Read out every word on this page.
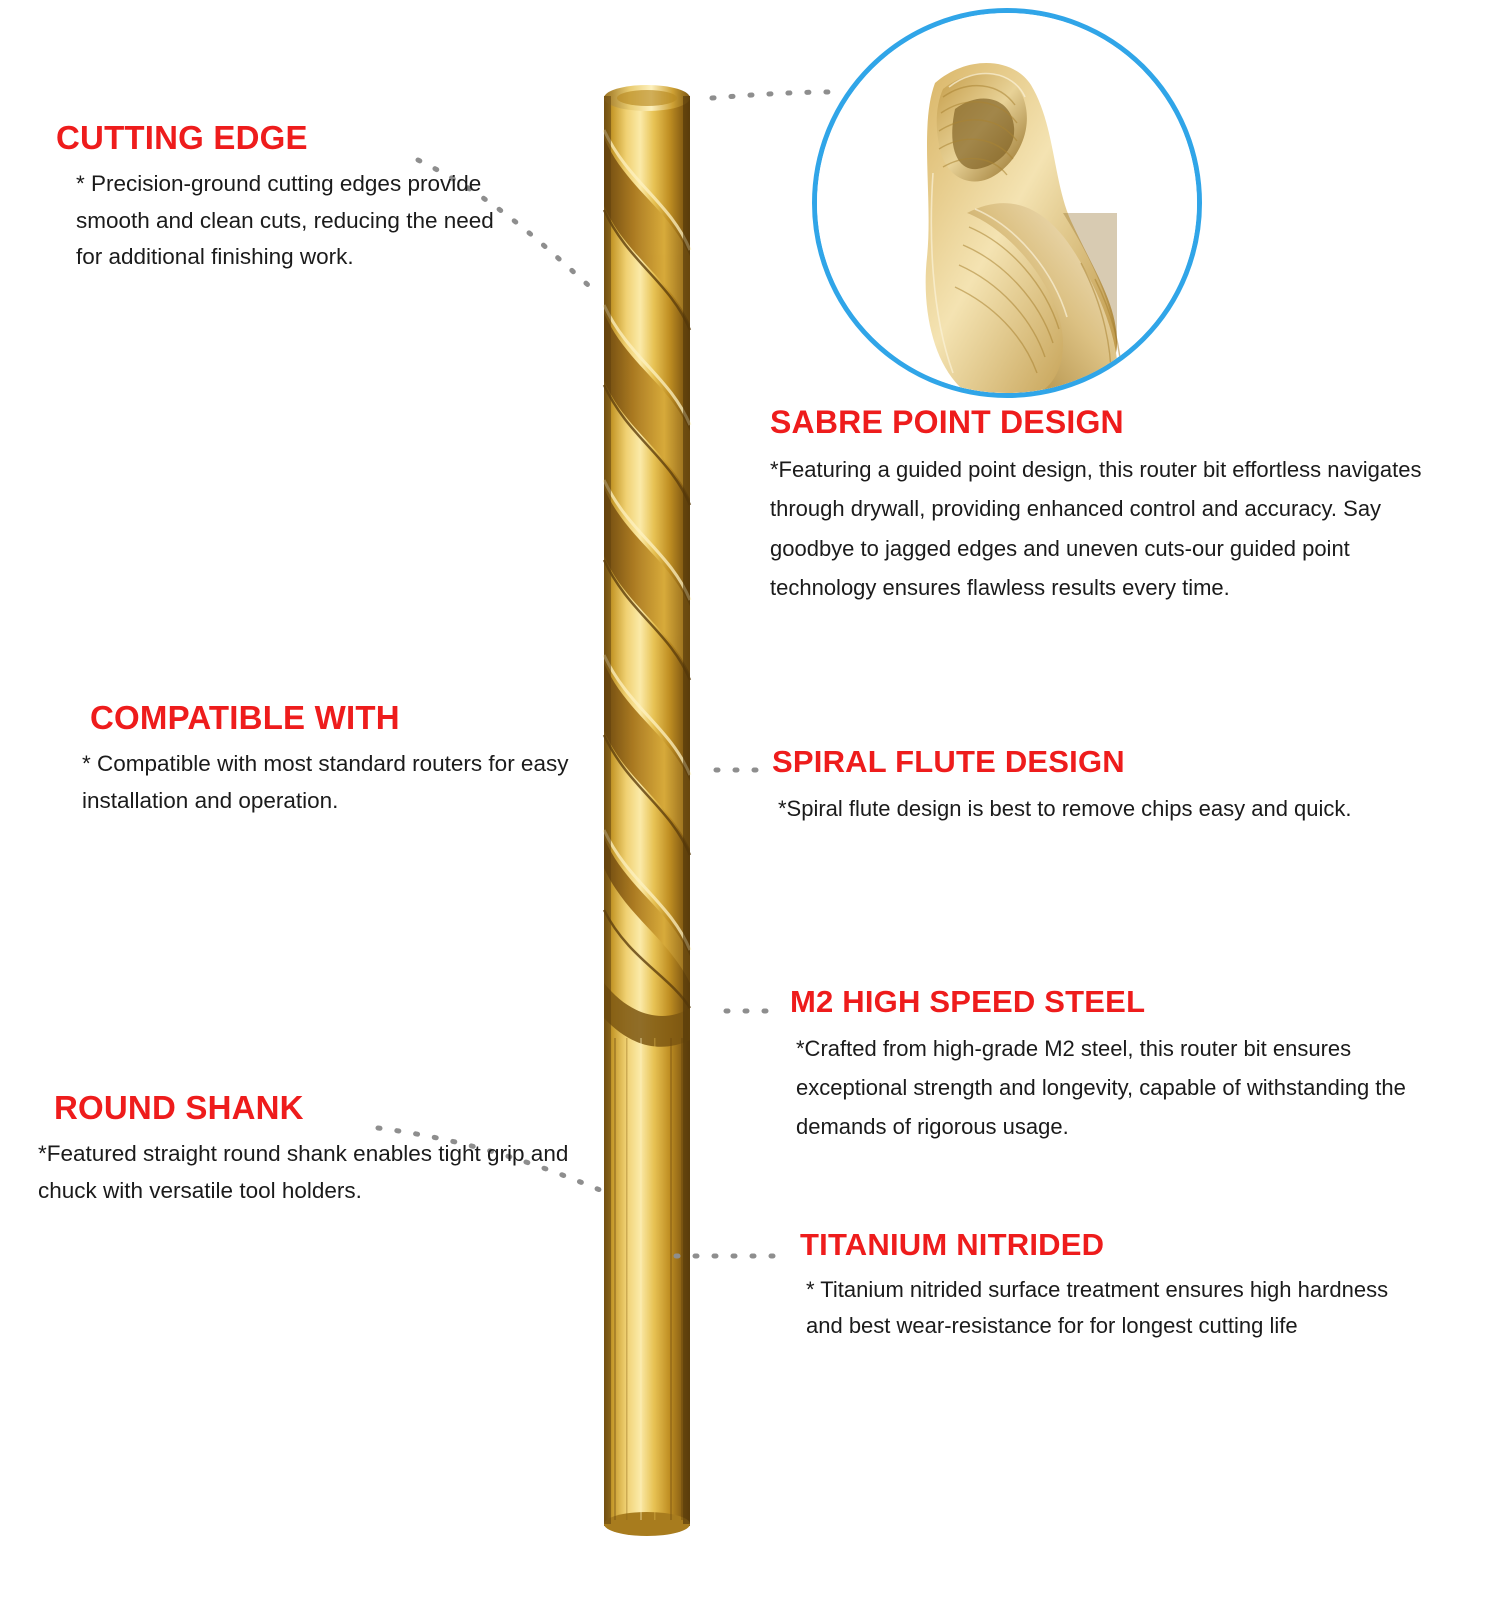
CUTTING EDGE

* Precision-ground cutting edges provide smooth and clean cuts, reducing the need for additional finishing work.

COMPATIBLE WITH

* Compatible with most standard routers for easy installation and operation.

ROUND SHANK

*Featured straight round shank enables tight grip and chuck with versatile tool holders.

SABRE POINT DESIGN

*Featuring a guided point design, this router bit effortless navigates through drywall, providing enhanced control and accuracy. Say goodbye to jagged edges and uneven cuts-our guided point technology ensures flawless results every time.

SPIRAL FLUTE DESIGN

*Spiral flute design is best to remove chips easy and quick.

M2 HIGH SPEED STEEL

*Crafted from high-grade M2 steel, this router bit ensures exceptional strength and longevity, capable of withstanding the demands of rigorous usage.

TITANIUM NITRIDED

* Titanium nitrided surface treatment ensures high hardness and best wear-resistance for for longest cutting life
